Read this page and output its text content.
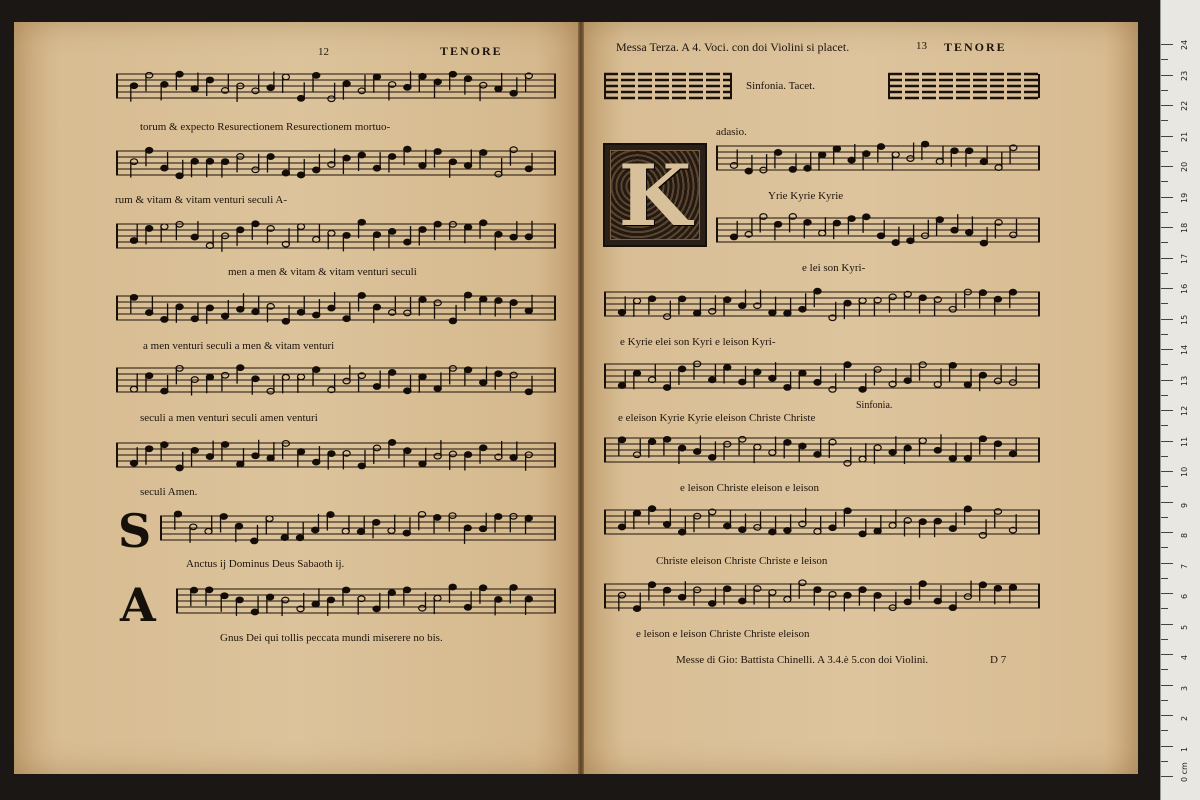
12	TENORE
torum & expecto Resurectionem Resurectionem mortuo-
rum & vitam & vitam venturi seculi A-
men a men & vitam & vitam venturi seculi
a men venturi seculi a men & vitam venturi
seculi a men venturi seculi amen venturi
seculi Amen.
S
Anctus ij Dominus Deus Sabaoth ij.
A
Gnus Dei qui tollis peccata mundi miserere no bis.
Messa Terza. A 4. Voci. con doi Violini si placet.	13 TENORE
Sinfonia. Tacet.
adasio.
K	Yrie Kyrie Kyrie
e lei son Kyri-
e Kyrie elei son Kyri e leison Kyri-
Sinfonia.
e eleison Kyrie Kyrie eleison Christe Christe
e leison Christe eleison e leison
Christe eleison Christe Christe e leison
e leison e leison Christe Christe eleison
Messe di Gio: Battista Chinelli. A 3.4.è 5.con doi Violini.	D 7
24
23
22
21
20
19
18
17
16
15
14
13
12
11
10
9
8
7
6
5
4
3
2
1
0 cm
